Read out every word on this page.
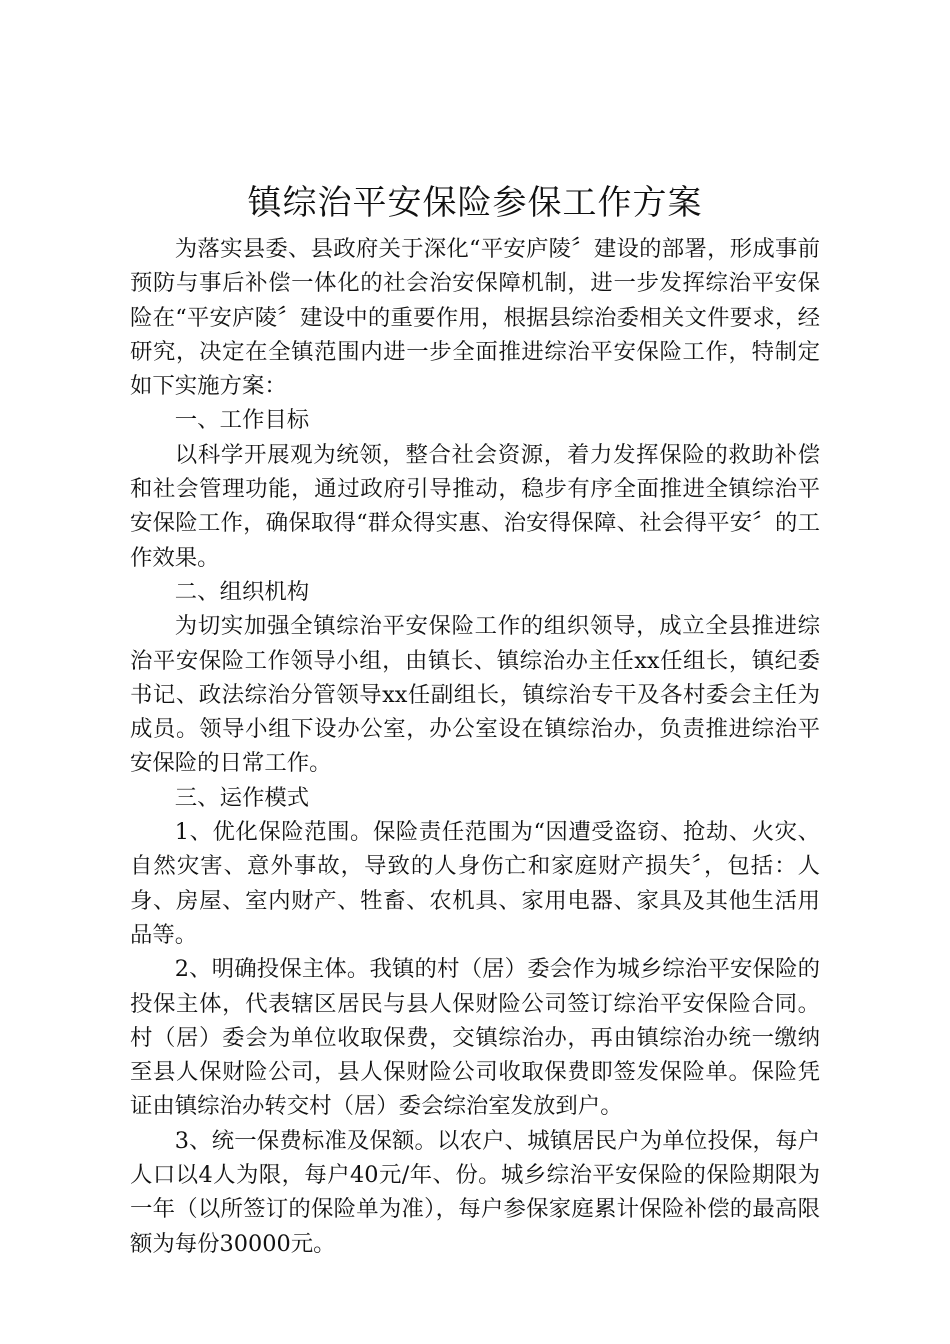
镇综治平安保险参保工作方案

为落实县委、县政府关于深化“平安庐陵〞建设的部署，形成事前预防与事后补偿一体化的社会治安保障机制，进一步发挥综治平安保险在“平安庐陵〞建设中的重要作用，根据县综治委相关文件要求，经研究，决定在全镇范围内进一步全面推进综治平安保险工作，特制定如下实施方案：

一、工作目标

以科学开展观为统领，整合社会资源，着力发挥保险的救助补偿和社会管理功能，通过政府引导推动，稳步有序全面推进全镇综治平安保险工作，确保取得“群众得实惠、治安得保障、社会得平安〞的工作效果。

二、组织机构

为切实加强全镇综治平安保险工作的组织领导，成立全县推进综治平安保险工作领导小组，由镇长、镇综治办主任xx任组长，镇纪委书记、政法综治分管领导xx任副组长，镇综治专干及各村委会主任为成员。领导小组下设办公室，办公室设在镇综治办，负责推进综治平安保险的日常工作。

三、运作模式

1、优化保险范围。保险责任范围为“因遭受盗窃、抢劫、火灾、自然灾害、意外事故，导致的人身伤亡和家庭财产损失〞，包括：人身、房屋、室内财产、牲畜、农机具、家用电器、家具及其他生活用品等。

2、明确投保主体。我镇的村（居）委会作为城乡综治平安保险的投保主体，代表辖区居民与县人保财险公司签订综治平安保险合同。村（居）委会为单位收取保费，交镇综治办，再由镇综治办统一缴纳至县人保财险公司，县人保财险公司收取保费即签发保险单。保险凭证由镇综治办转交村（居）委会综治室发放到户。

3、统一保费标准及保额。以农户、城镇居民户为单位投保，每户人口以4人为限，每户40元/年、份。城乡综治平安保险的保险期限为一年（以所签订的保险单为准），每户参保家庭累计保险补偿的最高限额为每份30000元。
